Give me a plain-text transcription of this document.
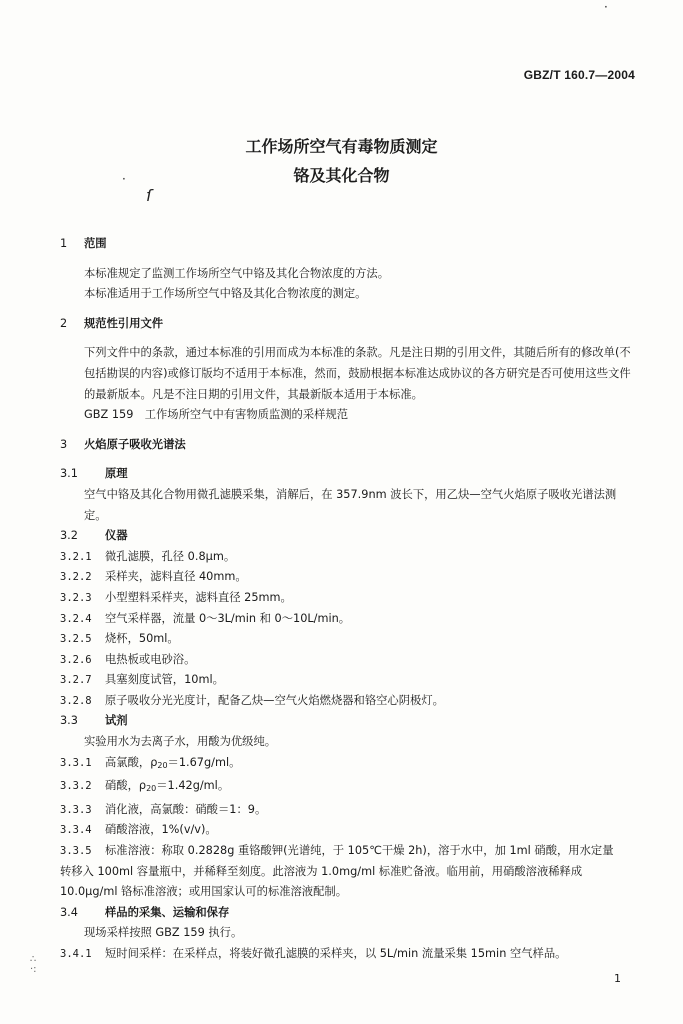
GBZ/T 160.7—2004
工作场所空气有毒物质测定
铬及其化合物
·
ſ
·

1 范围

本标准规定了监测工作场所空气中铬及其化合物浓度的方法。

本标准适用于工作场所空气中铬及其化合物浓度的测定。

2 规范性引用文件

下列文件中的条款，通过本标准的引用而成为本标准的条款。凡是注日期的引用文件，其随后所有的修改单(不包括勘误的内容)或修订版均不适用于本标准，然而，鼓励根据本标准达成协议的各方研究是否可使用这些文件的最新版本。凡是不注日期的引用文件，其最新版本适用于本标准。

GBZ 159　工作场所空气中有害物质监测的采样规范

3 火焰原子吸收光谱法

3.1 原理

空气中铬及其化合物用微孔滤膜采集，消解后，在 357.9nm 波长下，用乙炔—空气火焰原子吸收光谱法测定。

3.2 仪器

3.2.1	微孔滤膜，孔径 0.8μm。
3.2.2	采样夹，滤料直径 40mm。
3.2.3	小型塑料采样夹，滤料直径 25mm。
3.2.4	空气采样器，流量 0～3L/min 和 0～10L/min。
3.2.5	烧杯，50ml。
3.2.6	电热板或电砂浴。
3.2.7	具塞刻度试管，10ml。
3.2.8	原子吸收分光光度计，配备乙炔—空气火焰燃烧器和铬空心阴极灯。

3.3 试剂

实验用水为去离子水，用酸为优级纯。

3.3.1	高氯酸，$\rho_{20}=1.67g/ml$。
3.3.2	硝酸，$\rho_{20}=1.42g/ml$。
3.3.3	消化液，高氯酸：硝酸＝1：9。
3.3.4	硝酸溶液，1%(v/v)。
3.3.5	标准溶液：称取 0.2828g 重铬酸钾(光谱纯，于 105℃干燥 2h)，溶于水中，加 1ml 硝酸，用水定量

转移入 100ml 容量瓶中，并稀释至刻度。此溶液为 1.0mg/ml 标准贮备液。临用前，用硝酸溶液稀释成

10.0μg/ml 铬标准溶液；或用国家认可的标准溶液配制。

3.4 样品的采集、运输和保存

现场采样按照 GBZ 159 执行。

3.4.1	短时间采样：在采样点，将装好微孔滤膜的采样夹，以 5L/min 流量采集 15min 空气样品。
∴
·:
1
